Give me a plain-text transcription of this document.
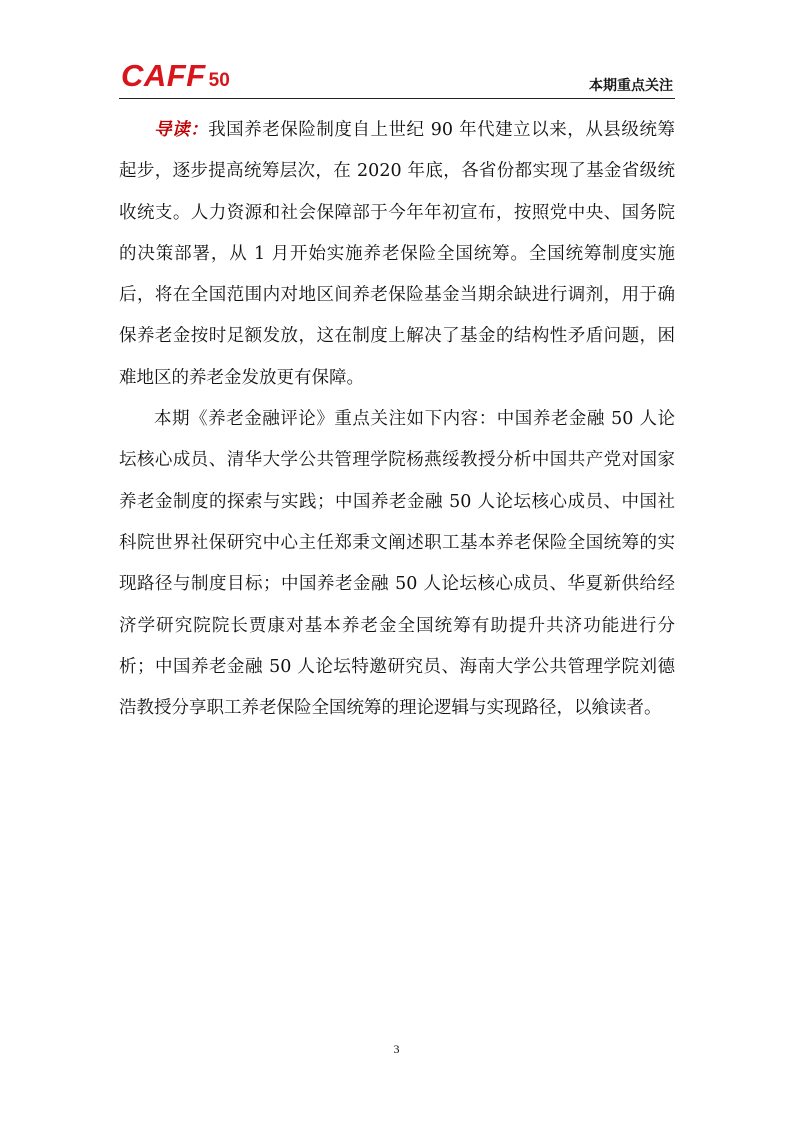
CAFF 50	本期重点关注

导读：我国养老保险制度自上世纪 90 年代建立以来，从县级统筹起步，逐步提高统筹层次，在 2020 年底，各省份都实现了基金省级统收统支。人力资源和社会保障部于今年年初宣布，按照党中央、国务院的决策部署，从 1 月开始实施养老保险全国统筹。全国统筹制度实施后，将在全国范围内对地区间养老保险基金当期余缺进行调剂，用于确保养老金按时足额发放，这在制度上解决了基金的结构性矛盾问题，困难地区的养老金发放更有保障。

本期《养老金融评论》重点关注如下内容：中国养老金融 50 人论坛核心成员、清华大学公共管理学院杨燕绥教授分析中国共产党对国家养老金制度的探索与实践；中国养老金融 50 人论坛核心成员、中国社科院世界社保研究中心主任郑秉文阐述职工基本养老保险全国统筹的实现路径与制度目标；中国养老金融 50 人论坛核心成员、华夏新供给经济学研究院院长贾康对基本养老金全国统筹有助提升共济功能进行分析；中国养老金融 50 人论坛特邀研究员、海南大学公共管理学院刘德浩教授分享职工养老保险全国统筹的理论逻辑与实现路径，以飨读者。

3
